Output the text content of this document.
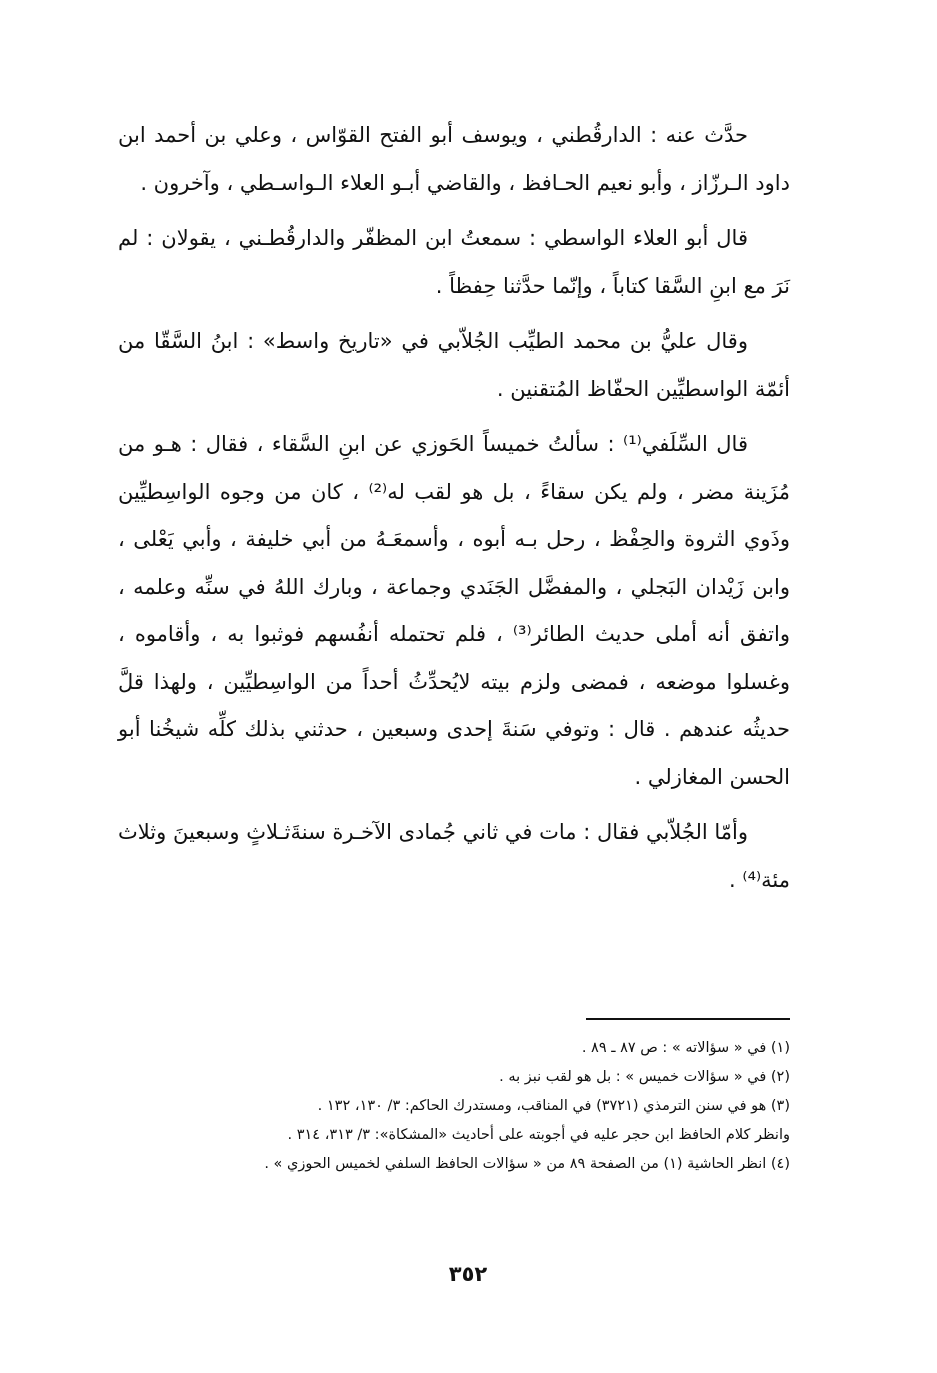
حدَّث عنه : الدارقُطني ، ويوسف أبو الفتح القوّاس ، وعلي بن أحمد ابن داود الـرزّاز ، وأبو نعيم الحـافظ ، والقاضي أبـو العلاء الـواسـطي ، وآخرون .

قال أبو العلاء الواسطي : سمعتُ ابن المظفّر والدارقُطـني ، يقولان : لم نَرَ مع ابنِ السَّقا كتاباً ، وإنّما حدَّثنا حِفظاً .

وقال عليُّ بن محمد الطيِّب الجُلاّبي في «تاريخ واسط» : ابنُ السَّقّا من أئمّة الواسطيِّين الحفّاظ المُتقنين .

قال السِّلَفي⁽¹⁾ : سألتُ خميساً الحَوزي عن ابنِ السَّقاء ، فقال : هـو من مُزَينة مضر ، ولم يكن سقاءً ، بل هو لقب له⁽²⁾ ، كان من وجوه الواسِطيِّين وذَوي الثروة والحِفْظ ، رحل بـه أبوه ، وأسمعَـهُ من أبي خليفة ، وأبي يَعْلى ، وابن زَيْدان البَجلي ، والمفضَّل الجَنَدي وجماعة ، وبارك اللهُ في سنِّه وعلمه ، واتفق أنه أملى حديث الطائر⁽³⁾ ، فلم تحتمله أنفُسهم فوثبوا به ، وأقاموه ، وغسلوا موضعه ، فمضى ولزم بيته لايُحدِّثُ أحداً من الواسِطيِّين ، ولهذا قلَّ حديثُه عندهم . قال : وتوفي سَنةَ إحدى وسبعين ، حدثني بذلك كلِّه شيخُنا أبو الحسن المغازلي .

وأمّا الجُلاّبي فقال : مات في ثاني جُمادى الآخـرة سنةَثـلاثٍ وسبعينَ وثلاث مئة⁽⁴⁾ .

(١) في « سؤالاته » : ص ٨٧ ـ ٨٩ .

(٢) في « سؤالات خميس » : بل هو لقب نبز به .

(٣) هو في سنن الترمذي (٣٧٢١) في المناقب، ومستدرك الحاكم: ٣/ ١٣٠، ١٣٢ .

وانظر كلام الحافظ ابن حجر عليه في أجوبته على أحاديث «المشكاة»: ٣/ ٣١٣، ٣١٤ .

(٤) انظر الحاشية (١) من الصفحة ٨٩ من « سؤالات الحافظ السلفي لخميس الحوزي » .

٣٥٢
